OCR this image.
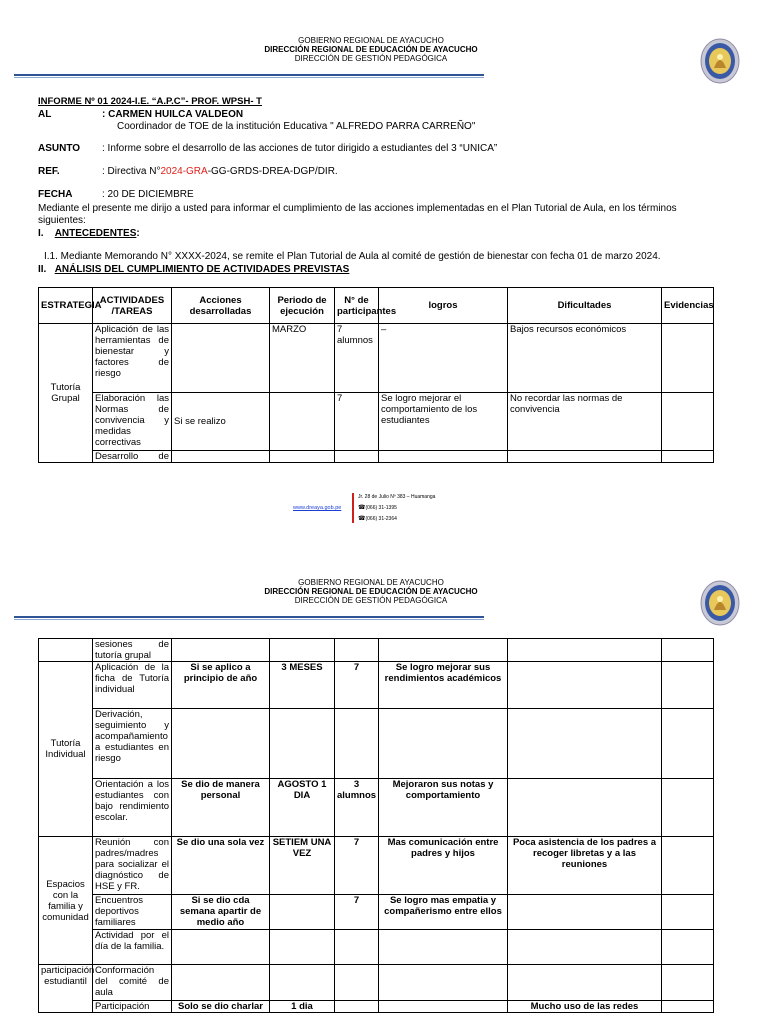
GOBIERNO REGIONAL DE AYACUCHO
DIRECCIÓN REGIONAL DE EDUCACIÓN DE AYACUCHO
DIRECCIÓN DE GESTIÓN PEDAGÓGICA
INFORME Nº 01 2024-I.E. “A.P.C”- PROF. WPSH- T
AL	: CARMEN HUILCA VALDEON
Coordinador de TOE de la institución Educativa " ALFREDO PARRA CARREÑO"
ASUNTO : Informe sobre el desarrollo de las acciones de tutor dirigido a estudiantes del 3 “UNICA”
REF.	: Directiva N°2024-GRA-GG-GRDS-DREA-DGP/DIR.
FECHA	: 20 DE DICIEMBRE
Mediante el presente me dirijo a usted para informar el cumplimiento de las acciones implementadas en el Plan Tutorial de Aula, en los términos
siguientes:
I. ANTECEDENTES:
I.1. Mediante Memorando N° XXXX-2024, se remite el Plan Tutorial de Aula al comité de gestión de bienestar con fecha 01 de marzo 2024.
II. ANÁLISIS DEL CUMPLIMIENTO DE ACTIVIDADES PREVISTAS
ESTRATEGIA	ACTIVIDADES /TAREAS	Acciones desarrolladas	Periodo de ejecución	N° de participantes	logros	Dificultades	Evidencias
Tutoría Grupal	Aplicación de las herramientas de bienestar y factores de riesgo		MARZO	7 alumnos	–	Bajos recursos económicos	
	Elaboración las Normas de convivencia y medidas correctivas	Si se realizo		7	Se logro mejorar el comportamiento de los estudiantes	No recordar las normas de convivencia	
	Desarrollo de						
www.dreaya.gob.pe
Jr. 28 de Julio Nº 383 – Huamanga
☎(066) 31-1395
☎(066) 31-2364
GOBIERNO REGIONAL DE AYACUCHO
DIRECCIÓN REGIONAL DE EDUCACIÓN DE AYACUCHO
DIRECCIÓN DE GESTIÓN PEDAGÓGICA
	sesiones de tutoría grupal						
Tutoría Individual	Aplicación de la ficha de Tutoría individual	Si se aplico a principio de año	3 MESES	7	Se logro mejorar sus rendimientos académicos		
	Derivación, seguimiento y acompañamiento a estudiantes en riesgo						
	Orientación a los estudiantes con bajo rendimiento escolar.	Se dio de manera personal	AGOSTO 1 DIA	3 alumnos	Mejoraron sus notas y comportamiento		
Espacios con la familia y comunidad	Reunión con padres/madres para socializar el diagnóstico de HSE y FR.	Se dio una sola vez	SETIEM UNA VEZ	7	Mas comunicación entre padres y hijos	Poca asistencia de los padres a recoger libretas y a las reuniones	
	Encuentros deportivos familiares	Si se dio cda semana apartir de medio año		7	Se logro mas empatia y compañerismo entre ellos		
	Actividad por el día de la familia.						
participación estudiantil	Conformación del comité de aula						
	Participación	Solo se dio charlar	1 dia			Mucho uso de las redes	
